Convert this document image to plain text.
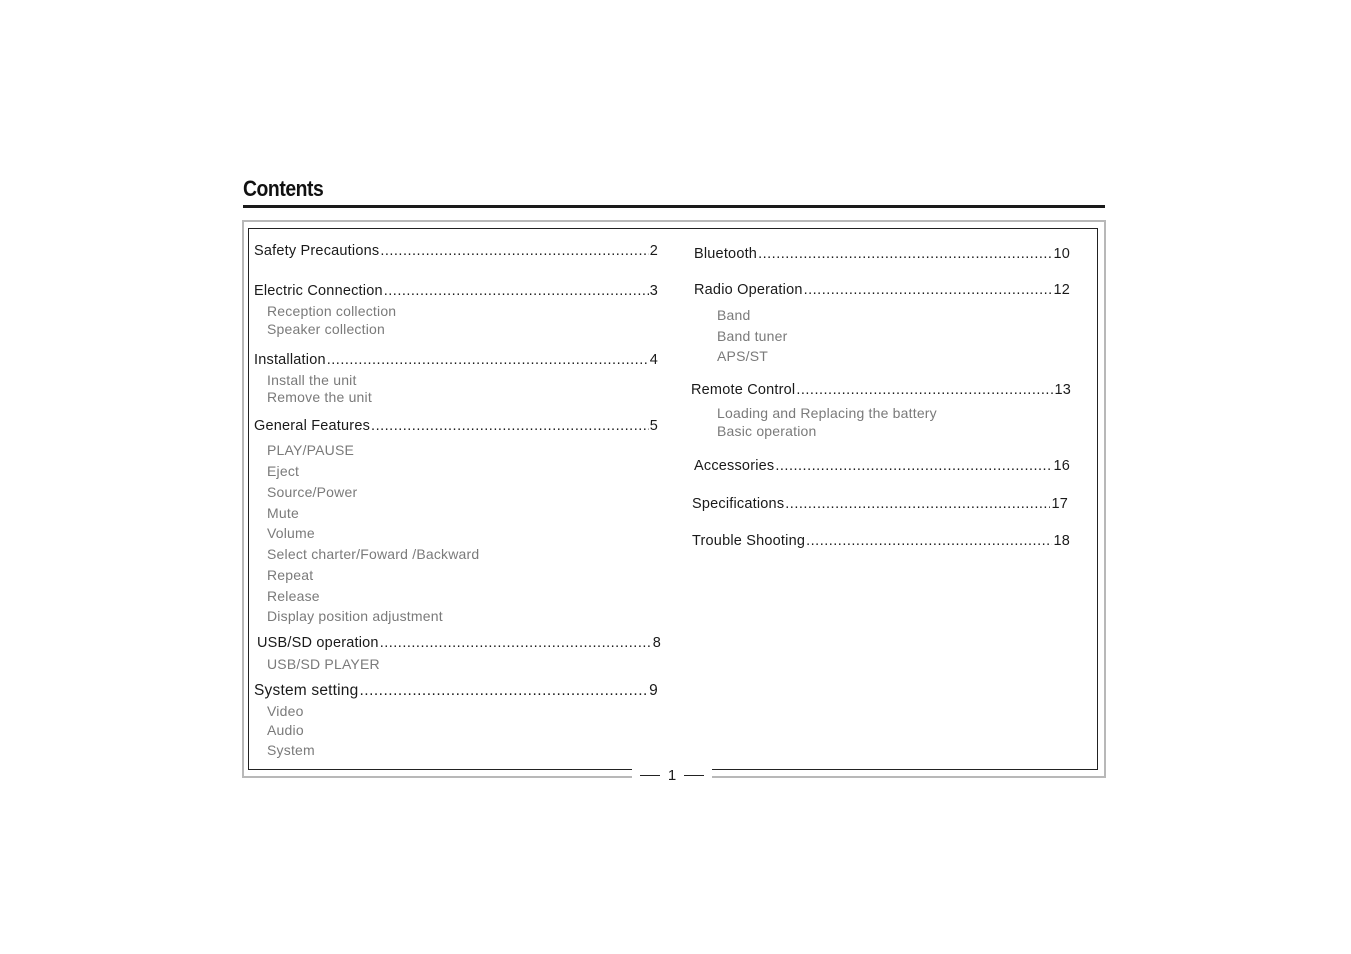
Contents
Safety Precautions .....	2
Electric Connection .....	3
Reception collection
Speaker collection
Installation .....	4
Install the unit
Remove the unit
General Features .....	5
PLAY/PAUSE
Eject
Source/Power
Mute
Volume
Select charter/Foward /Backward
Repeat
Release
Display position adjustment
USB/SD operation .....	8
USB/SD PLAYER
System setting .....	9
Video
Audio
System
Bluetooth .....	10
Radio Operation .....	12
Band
Band tuner
APS/ST
Remote Control .....	13
Loading and Replacing the battery
Basic operation
Accessories .....	16
Specifications .....	17
Trouble Shooting .....	18
1
